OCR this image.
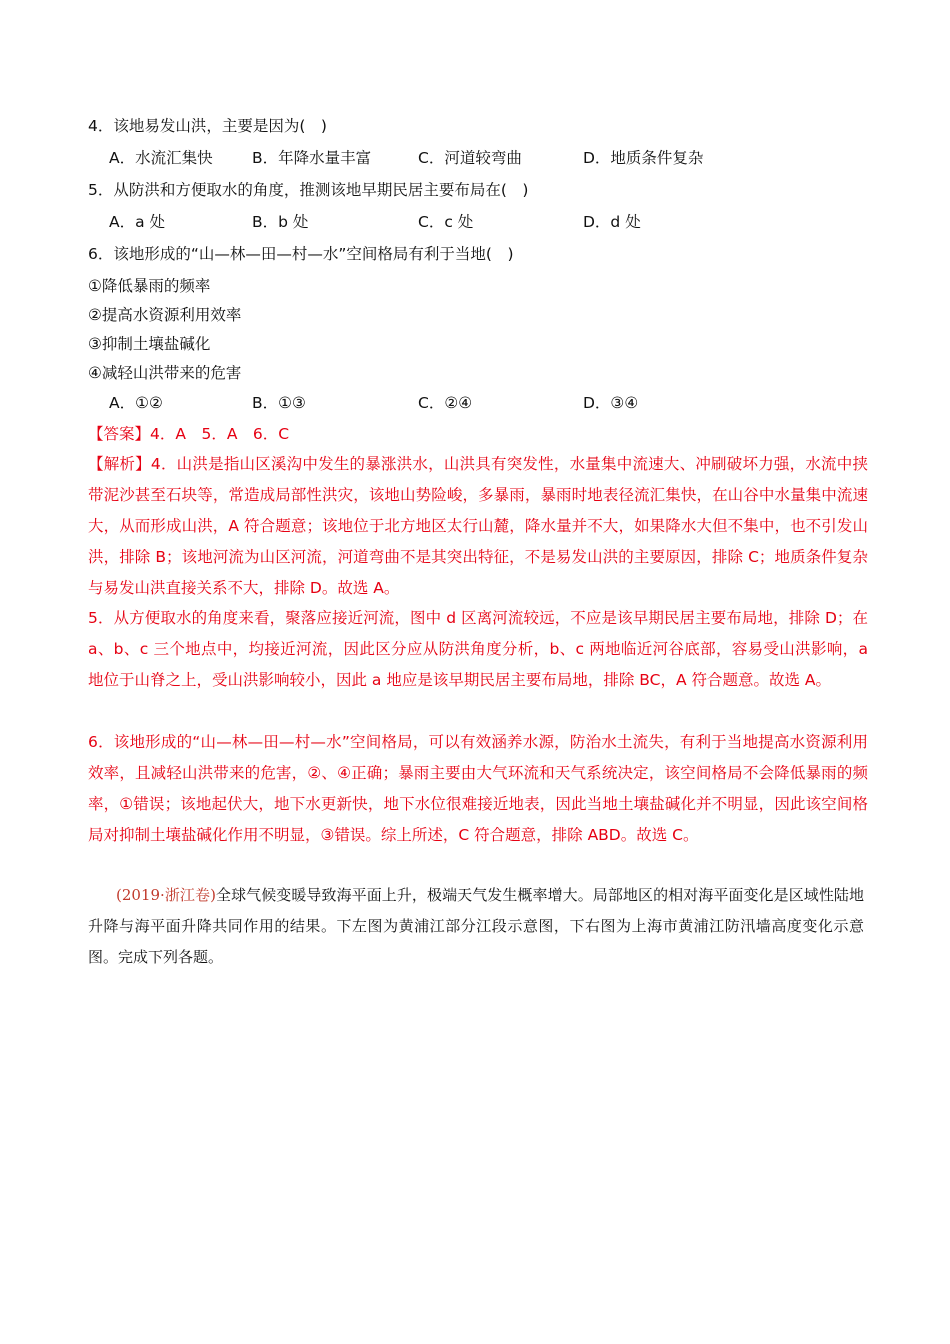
4．该地易发山洪，主要是因为(　)
A．水流汇集快	B．年降水量丰富	C．河道较弯曲	D．地质条件复杂
5．从防洪和方便取水的角度，推测该地早期民居主要布局在(　)
A．a 处	B．b 处	C．c 处	D．d 处
6．该地形成的“山—林—田—村—水”空间格局有利于当地(　)
①降低暴雨的频率
②提高水资源利用效率
③抑制土壤盐碱化
④减轻山洪带来的危害
A．①②	B．①③	C．②④	D．③④
【答案】4．A　5．A　6．C
【解析】4．山洪是指山区溪沟中发生的暴涨洪水，山洪具有突发性，水量集中流速大、冲刷破坏力强，水流中挟带泥沙甚至石块等，常造成局部性洪灾，该地山势险峻，多暴雨，暴雨时地表径流汇集快，在山谷中水量集中流速大，从而形成山洪，A 符合题意；该地位于北方地区太行山麓，降水量并不大，如果降水大但不集中，也不引发山洪，排除 B；该地河流为山区河流，河道弯曲不是其突出特征，不是易发山洪的主要原因，排除 C；地质条件复杂与易发山洪直接关系不大，排除 D。故选 A。
5．从方便取水的角度来看，聚落应接近河流，图中 d 区离河流较远，不应是该早期民居主要布局地，排除 D；在 a、b、c 三个地点中，均接近河流，因此区分应从防洪角度分析，b、c 两地临近河谷底部，容易受山洪影响，a 地位于山脊之上，受山洪影响较小，因此 a 地应是该早期民居主要布局地，排除 BC，A 符合题意。故选 A。
6．该地形成的“山—林—田—村—水”空间格局，可以有效涵养水源，防治水土流失，有利于当地提高水资源利用效率，且减轻山洪带来的危害，②、④正确；暴雨主要由大气环流和天气系统决定，该空间格局不会降低暴雨的频率，①错误；该地起伏大，地下水更新快，地下水位很难接近地表，因此当地土壤盐碱化并不明显，因此该空间格局对抑制土壤盐碱化作用不明显，③错误。综上所述，C 符合题意，排除 ABD。故选 C。
(2019·浙江卷)全球气候变暖导致海平面上升，极端天气发生概率增大。局部地区的相对海平面变化是区域性陆地升降与海平面升降共同作用的结果。下左图为黄浦江部分江段示意图，下右图为上海市黄浦江防汛墙高度变化示意图。完成下列各题。
